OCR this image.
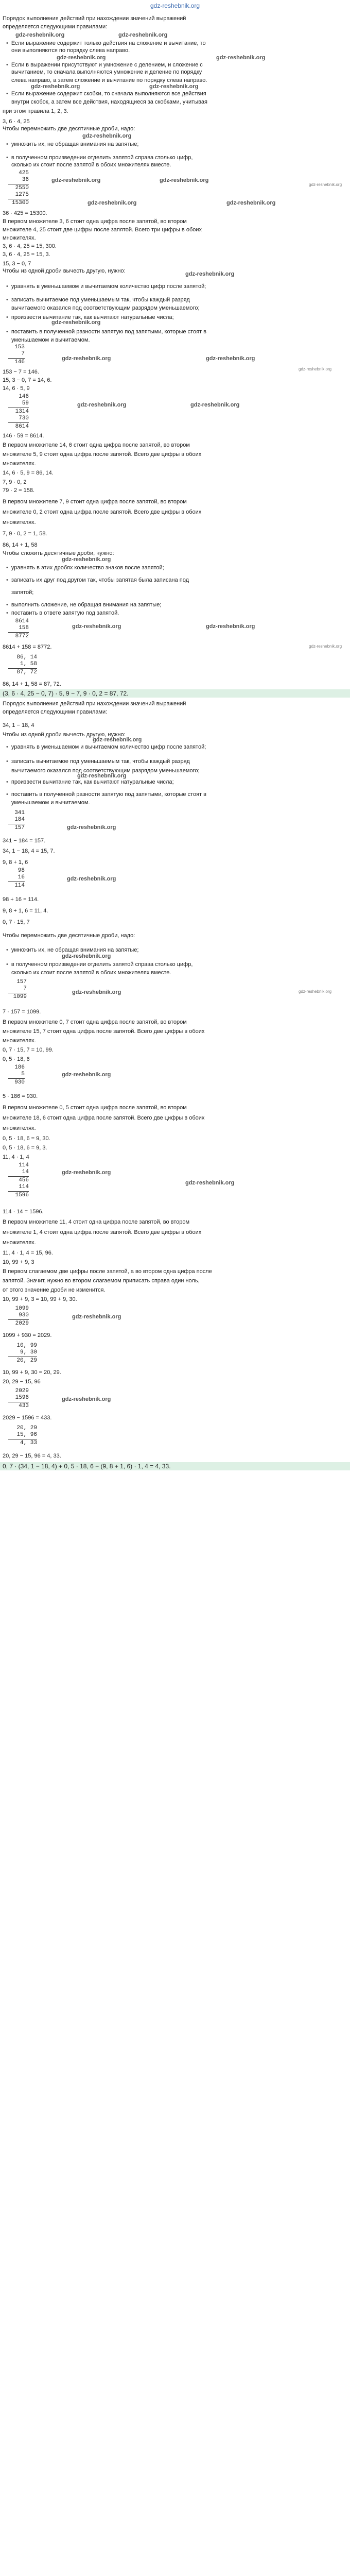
gdz-reshebnik.org
Порядок выполнения действий при нахождении значений выражений
определяется следующими правилами:
• Если выражение содержит только действия на сложение и вычитание, то
они выполняются по порядку слева направо.
• Если в выражении присутствуют и умножение с делением, и сложение с
вычитанием, то сначала выполняются умножение и деление по порядку
слева направо, а затем сложение и вычитание по порядку слева направо.
• Если выражение содержит скобки, то сначала выполняются все действия
внутри скобок, а затем все действия, находящиеся за скобками, учитывая
при этом правила 1, 2, 3.
3, 6 · 4, 25
Чтобы перемножить две десятичные дроби, надо:
• умножить их, не обращая внимания на запятые;
• в полученном произведении отделить запятой справа столько цифр,
сколько их стоит после запятой в обоих множителях вместе.
425
36
2550
1275
15300
36 · 425 = 15300.
В первом множителе 3, 6 стоит одна цифра после запятой, во втором
множителе 4, 25 стоит две цифры после запятой. Всего три цифры в обоих
множителях.
3, 6 · 4, 25 = 15, 300.
3, 6 · 4, 25 = 15, 3.
15, 3 − 0, 7
Чтобы из одной дроби вычесть другую, нужно:
• уравнять в уменьшаемом и вычитаемом количество цифр после запятой;
• записать вычитаемое под уменьшаемым так, чтобы каждый разряд
вычитаемого оказался под соответствующим разрядом уменьшаемого;
• произвести вычитание так, как вычитают натуральные числа;
• поставить в полученной разности запятую под запятыми, которые стоят в
уменьшаемом и вычитаемом.
153
7
146
153 − 7 = 146.
15, 3 − 0, 7 = 14, 6.
14, 6 · 5, 9
146
59
1314
730
8614
146 · 59 = 8614.
В первом множителе 14, 6 стоит одна цифра после запятой, во втором
множителе 5, 9 стоит одна цифра после запятой. Всего две цифры в обоих
множителях.
14, 6 · 5, 9 = 86, 14.
7, 9 · 0, 2
79 · 2 = 158.
В первом множителе 7, 9 стоит одна цифра после запятой, во втором
множителе 0, 2 стоит одна цифра после запятой. Всего две цифры в обоих
множителях.
7, 9 · 0, 2 = 1, 58.
86, 14 + 1, 58
Чтобы сложить десятичные дроби, нужно:
• уравнять в этих дробях количество знаков после запятой;
• записать их друг под другом так, чтобы запятая была записана под
запятой;
• выполнить сложение, не обращая внимания на запятые;
• поставить в ответе запятую под запятой.
8614
158
8772
8614 + 158 = 8772.
86, 14
1, 58
87, 72
86, 14 + 1, 58 = 87, 72.
(3, 6 · 4, 25 − 0, 7) · 5, 9 − 7, 9 · 0, 2 = 87, 72.
Порядок выполнения действий при нахождении значений выражений
определяется следующими правилами:
34, 1 − 18, 4
Чтобы из одной дроби вычесть другую, нужно:
• уравнять в уменьшаемом и вычитаемом количество цифр после запятой;
• записать вычитаемое под уменьшаемым так, чтобы каждый разряд
вычитаемого оказался под соответствующим разрядом уменьшаемого;
• произвести вычитание так, как вычитают натуральные числа;
• поставить в полученной разности запятую под запятыми, которые стоят в
уменьшаемом и вычитаемом.
341
184
157
341 − 184 = 157.
34, 1 − 18, 4 = 15, 7.
9, 8 + 1, 6
98
16
114
98 + 16 = 114.
9, 8 + 1, 6 = 11, 4.
0, 7 · 15, 7
Чтобы перемножить две десятичные дроби, надо:
• умножить их, не обращая внимания на запятые;
• в полученном произведении отделить запятой справа столько цифр,
сколько их стоит после запятой в обоих множителях вместе.
157
7
1099
7 · 157 = 1099.
В первом множителе 0, 7 стоит одна цифра после запятой, во втором
множителе 15, 7 стоит одна цифра после запятой. Всего две цифры в обоих
множителях.
0, 7 · 15, 7 = 10, 99.
0, 5 · 18, 6
186
5
930
5 · 186 = 930.
В первом множителе 0, 5 стоит одна цифра после запятой, во втором
множителе 18, 6 стоит одна цифра после запятой. Всего две цифры в обоих
множителях.
0, 5 · 18, 6 = 9, 30.
0, 5 · 18, 6 = 9, 3.
11, 4 · 1, 4
114
14
456
114
1596
114 · 14 = 1596.
В первом множителе 11, 4 стоит одна цифра после запятой, во втором
множителе 1, 4 стоит одна цифра после запятой. Всего две цифры в обоих
множителях.
11, 4 · 1, 4 = 15, 96.
10, 99 + 9, 3
В первом слагаемом две цифры после запятой, а во втором одна цифра после
запятой. Значит, нужно во втором слагаемом приписать справа один ноль,
от этого значение дроби не изменится.
10, 99 + 9, 3 = 10, 99 + 9, 30.
1099
930
2029
1099 + 930 = 2029.
10, 99
9, 30
20, 29
10, 99 + 9, 30 = 20, 29.
20, 29 − 15, 96
2029
1596
433
2029 − 1596 = 433.
20, 29
15, 96
4, 33
20, 29 − 15, 96 = 4, 33.
0, 7 · (34, 1 − 18, 4) + 0, 5 · 18, 6 − (9, 8 + 1, 6) · 1, 4 = 4, 33.
gdz-reshebnik.org	gdz-reshebnik.org
gdz-reshebnik.org	gdz-reshebnik.org
gdz-reshebnik.org	gdz-reshebnik.org
gdz-reshebnik.org
gdz-reshebnik.org	gdz-reshebnik.org
gdz-reshebnik.org	gdz-reshebnik.org
gdz-reshebnik.org
gdz-reshebnik.org
gdz-reshebnik.org	gdz-reshebnik.org
gdz-reshebnik.org	gdz-reshebnik.org
gdz-reshebnik.org
gdz-reshebnik.org	gdz-reshebnik.org
gdz-reshebnik.org
gdz-reshebnik.org
gdz-reshebnik.org
gdz-reshebnik.org
gdz-reshebnik.org
gdz-reshebnik.org
gdz-reshebnik.org
gdz-reshebnik.org
gdz-reshebnik.org
gdz-reshebnik.org
gdz-reshebnik.org
gdz-reshebnik.org
gdz-reshebnik.org
gdz-reshebnik.org
gdz-reshebnik.org
